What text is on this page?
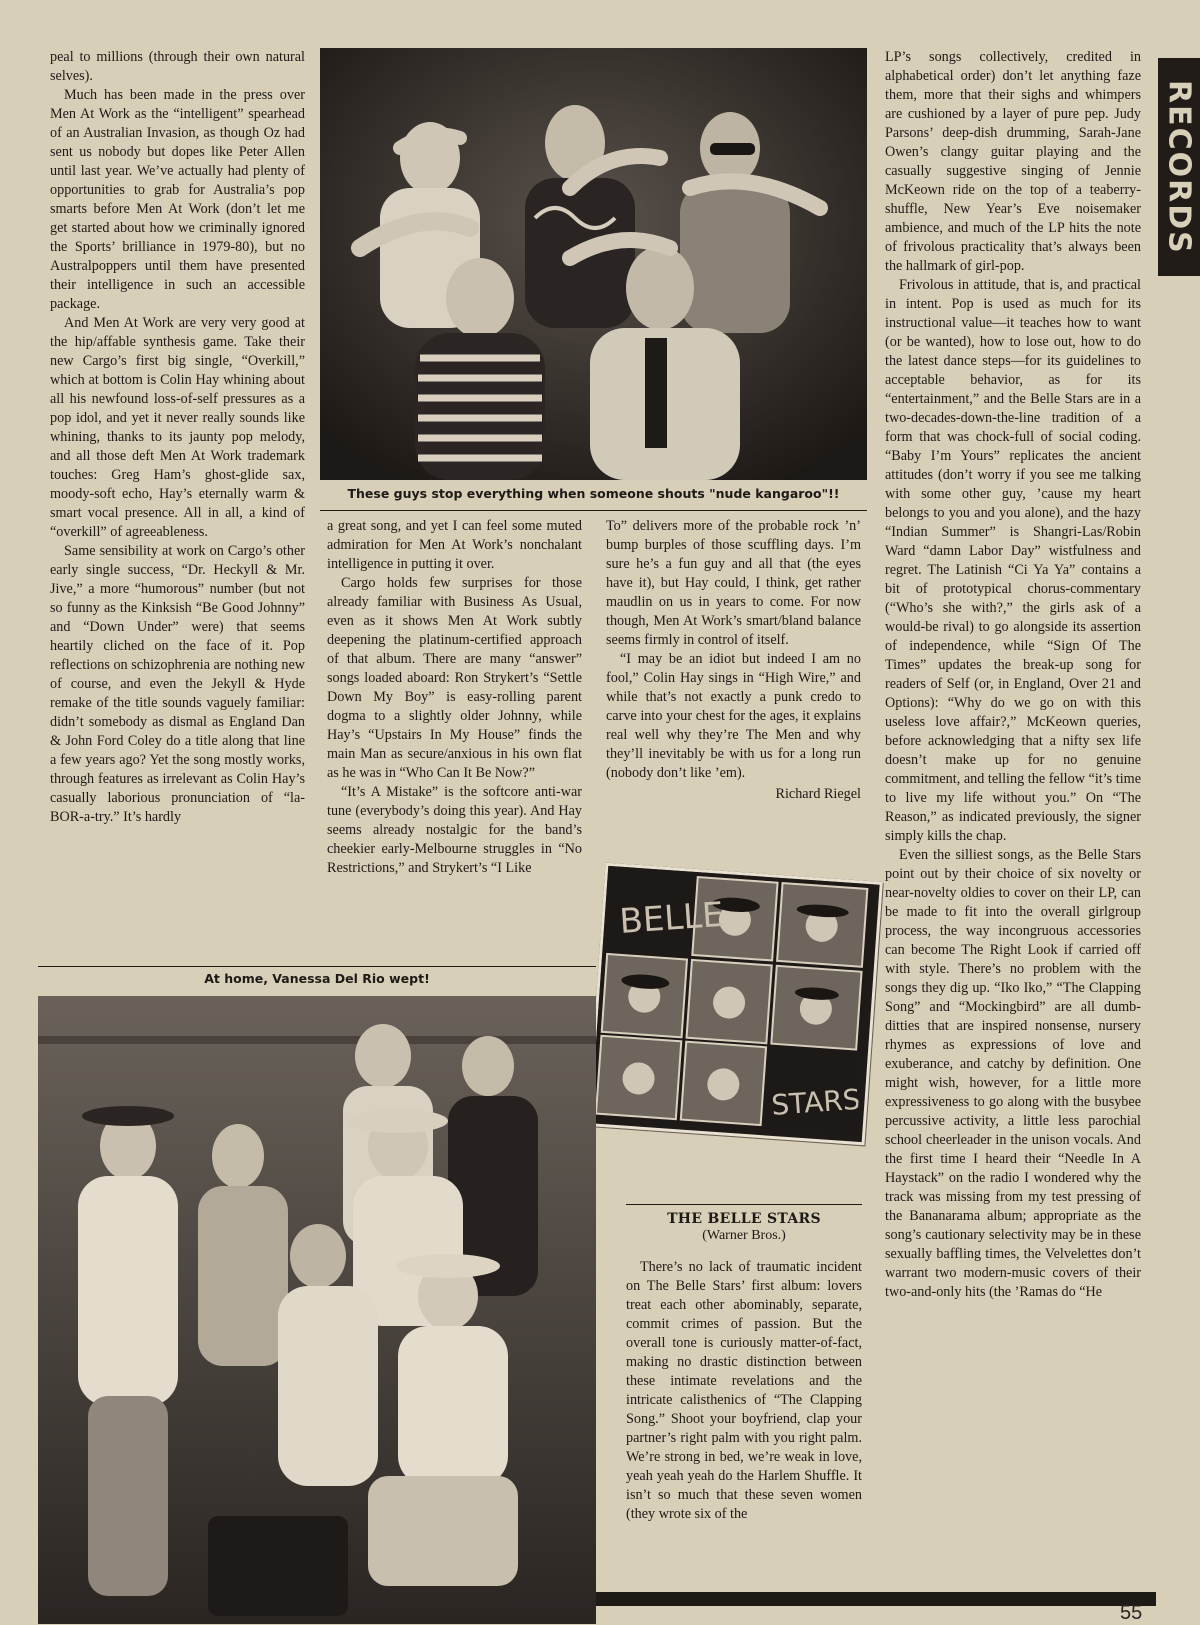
peal to millions (through their own natural selves).

Much has been made in the press over Men At Work as the “intelligent” spearhead of an Australian Invasion, as though Oz had sent us nobody but dopes like Peter Allen until last year. We’ve actually had plenty of opportunities to grab for Australia’s pop smarts before Men At Work (don’t let me get started about how we criminally ignored the Sports’ brilliance in 1979-80), but no Australpoppers until them have presented their intelligence in such an accessible package.

And Men At Work are very very good at the hip/affable synthesis game. Take their new Cargo’s first big single, “Overkill,” which at bottom is Colin Hay whining about all his newfound loss-of-self pressures as a pop idol, and yet it never really sounds like whining, thanks to its jaunty pop melody, and all those deft Men At Work trademark touches: Greg Ham’s ghost-glide sax, moody-soft echo, Hay’s eternally warm & smart vocal presence. All in all, a kind of “overkill” of agreeableness.

Same sensibility at work on Cargo’s other early single success, “Dr. Heckyll & Mr. Jive,” a more “humorous” number (but not so funny as the Kinksish “Be Good Johnny” and “Down Under” were) that seems heartily cliched on the face of it. Pop reflections on schizophrenia are nothing new of course, and even the Jekyll & Hyde remake of the title sounds vaguely familiar: didn’t somebody as dismal as England Dan & John Ford Coley do a title along that line a few years ago? Yet the song mostly works, through features as irrelevant as Colin Hay’s casually laborious pronunciation of “la-BOR-a-try.” It’s hardly

These guys stop everything when someone shouts "nude kangaroo"!!

a great song, and yet I can feel some muted admiration for Men At Work’s nonchalant intelligence in putting it over.

Cargo holds few surprises for those already familiar with Business As Usual, even as it shows Men At Work subtly deepening the platinum-certified approach of that album. There are many “answer” songs loaded aboard: Ron Strykert’s “Settle Down My Boy” is easy-rolling parent dogma to a slightly older Johnny, while Hay’s “Upstairs In My House” finds the main Man as secure/anxious in his own flat as he was in “Who Can It Be Now?”

“It’s A Mistake” is the softcore anti-war tune (everybody’s doing this year). And Hay seems already nostalgic for the band’s cheekier early-Melbourne struggles in “No Restrictions,” and Strykert’s “I Like

To” delivers more of the probable rock ’n’ bump burples of those scuffling days. I’m sure he’s a fun guy and all that (the eyes have it), but Hay could, I think, get rather maudlin on us in years to come. For now though, Men At Work’s smart/bland balance seems firmly in control of itself.

“I may be an idiot but indeed I am no fool,” Colin Hay sings in “High Wire,” and while that’s not exactly a punk credo to carve into your chest for the ages, it explains real well why they’re The Men and why they’ll inevitably be with us for a long run (nobody don’t like ’em).

Richard Riegel
BELLE
STARS
THE BELLE STARS
(Warner Bros.)

There’s no lack of traumatic incident on The Belle Stars’ first album: lovers treat each other abominably, separate, commit crimes of passion. But the overall tone is curiously matter-of-fact, making no drastic distinction between these intimate revelations and the intricate calisthenics of “The Clapping Song.” Shoot your boyfriend, clap your partner’s right palm with you right palm. We’re strong in bed, we’re weak in love, yeah yeah yeah do the Harlem Shuffle. It isn’t so much that these seven women (they wrote six of the

LP’s songs collectively, credited in alphabetical order) don’t let anything faze them, more that their sighs and whimpers are cushioned by a layer of pure pep. Judy Parsons’ deep-dish drumming, Sarah-Jane Owen’s clangy guitar playing and the casually suggestive singing of Jennie McKeown ride on the top of a teaberry-shuffle, New Year’s Eve noisemaker ambience, and much of the LP hits the note of frivolous practicality that’s always been the hallmark of girl-pop.

Frivolous in attitude, that is, and practical in intent. Pop is used as much for its instructional value—it teaches how to want (or be wanted), how to lose out, how to do the latest dance steps—for its guidelines to acceptable behavior, as for its “entertainment,” and the Belle Stars are in a two-decades-down-the-line tradition of a form that was chock-full of social coding. “Baby I’m Yours” replicates the ancient attitudes (don’t worry if you see me talking with some other guy, ’cause my heart belongs to you and you alone), and the hazy “Indian Summer” is Shangri-Las/Robin Ward “damn Labor Day” wistfulness and regret. The Latinish “Ci Ya Ya” contains a bit of prototypical chorus-commentary (“Who’s she with?,” the girls ask of a would-be rival) to go alongside its assertion of independence, while “Sign Of The Times” updates the break-up song for readers of Self (or, in England, Over 21 and Options): “Why do we go on with this useless love affair?,” McKeown queries, before acknowledging that a nifty sex life doesn’t make up for no genuine commitment, and telling the fellow “it’s time to live my life without you.” On “The Reason,” as indicated previously, the signer simply kills the chap.

Even the silliest songs, as the Belle Stars point out by their choice of six novelty or near-novelty oldies to cover on their LP, can be made to fit into the overall girlgroup process, the way incongruous accessories can become The Right Look if carried off with style. There’s no problem with the songs they dig up. “Iko Iko,” “The Clapping Song” and “Mockingbird” are all dumb-ditties that are inspired nonsense, nursery rhymes as expressions of love and exuberance, and catchy by definition. One might wish, however, for a little more expressiveness to go along with the busybee percussive activity, a little less parochial school cheerleader in the unison vocals. And the first time I heard their “Needle In A Haystack” on the radio I wondered why the track was missing from my test pressing of the Bananarama album; appropriate as the song’s cautionary selectivity may be in these sexually baffling times, the Velvelettes don’t warrant two modern-music covers of their two-and-only hits (the ’Ramas do “He

At home, Vanessa Del Rio wept!
RECORDS
55
